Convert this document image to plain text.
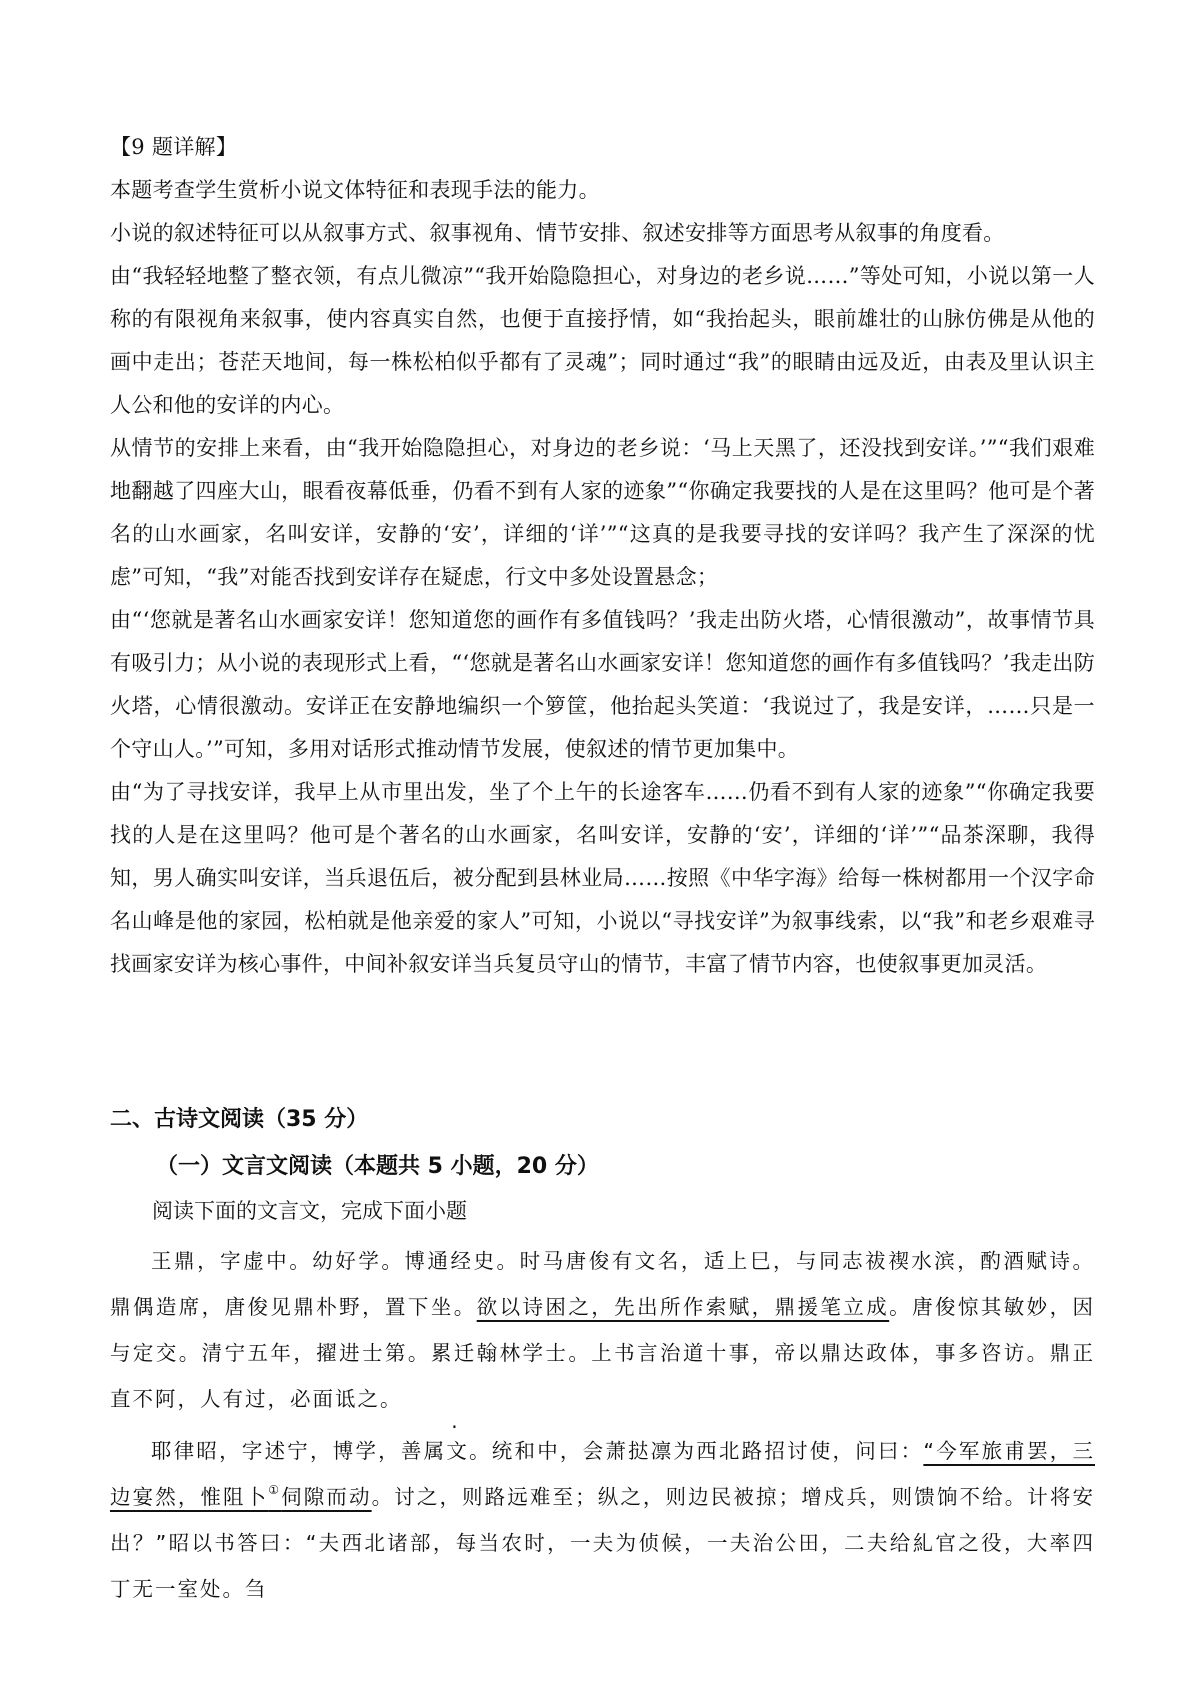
【9 题详解】

本题考查学生赏析小说文体特征和表现手法的能力。

小说的叙述特征可以从叙事方式、叙事视角、情节安排、叙述安排等方面思考从叙事的角度看。

由“我轻轻地整了整衣领，有点儿微凉”“我开始隐隐担心，对身边的老乡说……”等处可知，小说以第一人称的有限视角来叙事，使内容真实自然，也便于直接抒情，如“我抬起头，眼前雄壮的山脉仿佛是从他的画中走出；苍茫天地间，每一株松柏似乎都有了灵魂”；同时通过“我”的眼睛由远及近，由表及里认识主人公和他的安详的内心。

从情节的安排上来看，由“我开始隐隐担心，对身边的老乡说：‘马上天黑了，还没找到安详。’”“我们艰难地翻越了四座大山，眼看夜幕低垂，仍看不到有人家的迹象”“你确定我要找的人是在这里吗？他可是个著名的山水画家，名叫安详，安静的‘安’，详细的‘详’”“这真的是我要寻找的安详吗？我产生了深深的忧虑”可知，“我”对能否找到安详存在疑虑，行文中多处设置悬念；

由“‘您就是著名山水画家安详！您知道您的画作有多值钱吗？’我走出防火塔，心情很激动”，故事情节具有吸引力；从小说的表现形式上看，“‘您就是著名山水画家安详！您知道您的画作有多值钱吗？’我走出防火塔，心情很激动。安详正在安静地编织一个箩筐，他抬起头笑道：‘我说过了，我是安详，……只是一个守山人。’”可知，多用对话形式推动情节发展，使叙述的情节更加集中。

由“为了寻找安详，我早上从市里出发，坐了个上午的长途客车……仍看不到有人家的迹象”“你确定我要找的人是在这里吗？他可是个著名的山水画家，名叫安详，安静的‘安’，详细的‘详’”“品茶深聊，我得知，男人确实叫安详，当兵退伍后，被分配到县林业局……按照《中华字海》给每一株树都用一个汉字命名山峰是他的家园，松柏就是他亲爱的家人”可知，小说以“寻找安详”为叙事线索，以“我”和老乡艰难寻找画家安详为核心事件，中间补叙安详当兵复员守山的情节，丰富了情节内容，也使叙事更加灵活。

二、古诗文阅读（35 分）
（一）文言文阅读（本题共 5 小题，20 分）
阅读下面的文言文，完成下面小题

王鼎，字虚中。幼好学。博通经史。时马唐俊有文名，适上巳，与同志祓禊水滨，酌酒赋诗。鼎偶造席，唐俊见鼎朴野，置下坐。欲以诗困之，先出所作索赋，鼎援笔立成。唐俊惊其敏妙，因与定交。清宁五年，擢进士第。累迁翰林学士。上书言治道十事，帝以鼎达政体，事多咨访。鼎正直不阿，人有过，必面诋之。

耶律昭，字述宁，博学，善属文。统和中，会萧挞凛为西北路招讨使，问曰：“今军旅甫罢，三边宴然，惟阻卜①伺隙而动。讨之，则路远难至；纵之，则边民被掠；增戍兵，则馈饷不给。计将安出？”昭以书答曰：“夫西北诸部，每当农时，一夫为侦候，一夫治公田，二夫给糺官之役，大率四丁无一室处。刍
